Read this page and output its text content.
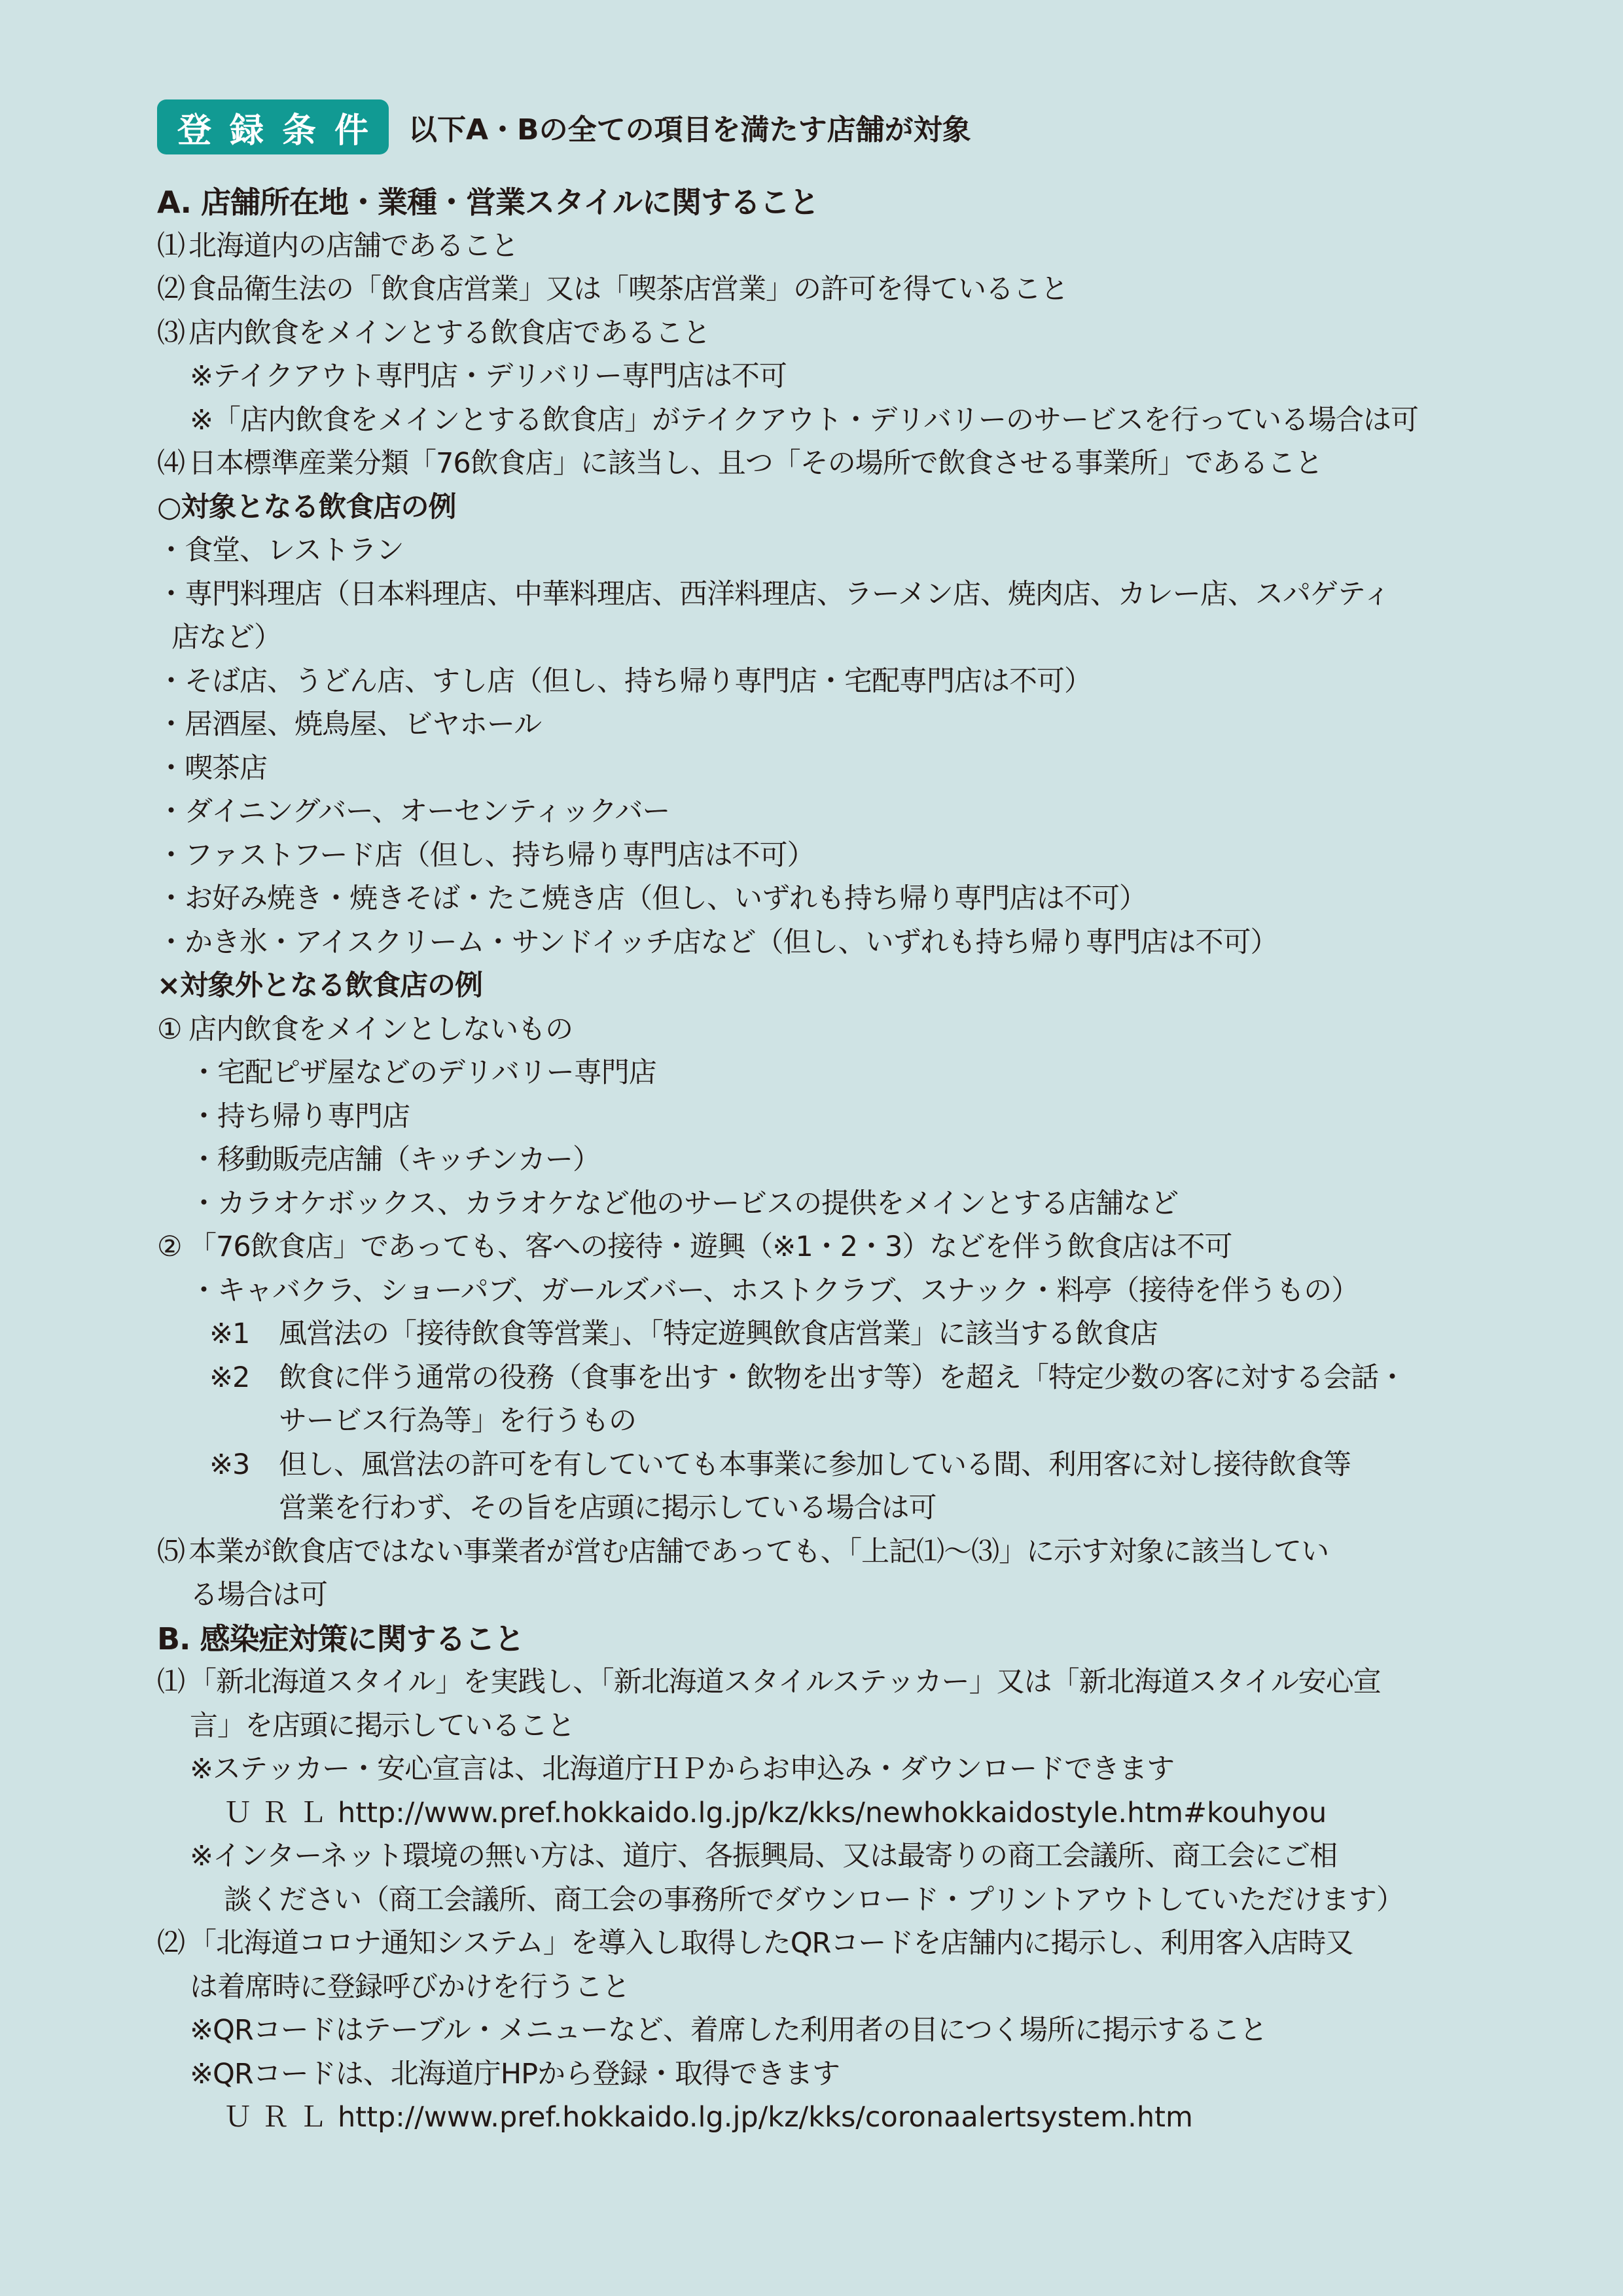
登録条件 以下A・Bの全ての項目を満たす店舗が対象
A. 店舗所在地・業種・営業スタイルに関すること
⑴ 北海道内の店舗であること
⑵ 食品衛生法の「飲食店営業」又は「喫茶店営業」の許可を得ていること
⑶ 店内飲食をメインとする飲食店であること
※テイクアウト専門店・デリバリー専門店は不可
※「店内飲食をメインとする飲食店」がテイクアウト・デリバリーのサービスを行っている場合は可
⑷ 日本標準産業分類「76飲食店」に該当し、且つ「その場所で飲食させる事業所」であること
○対象となる飲食店の例
・食堂、レストラン
・専門料理店（日本料理店、中華料理店、西洋料理店、ラーメン店、焼肉店、カレー店、スパゲティ
店など）
・そば店、うどん店、すし店（但し、持ち帰り専門店・宅配専門店は不可）
・居酒屋、焼鳥屋、ビヤホール
・喫茶店
・ダイニングバー、オーセンティックバー
・ファストフード店（但し、持ち帰り専門店は不可）
・お好み焼き・焼きそば・たこ焼き店（但し、いずれも持ち帰り専門店は不可）
・かき氷・アイスクリーム・サンドイッチ店など（但し、いずれも持ち帰り専門店は不可）
×対象外となる飲食店の例
① 店内飲食をメインとしないもの
・宅配ピザ屋などのデリバリー専門店
・持ち帰り専門店
・移動販売店舗（キッチンカー）
・カラオケボックス、カラオケなど他のサービスの提供をメインとする店舗など
② 「76飲食店」であっても、客への接待・遊興（※1・2・3）などを伴う飲食店は不可
・キャバクラ、ショーパブ、ガールズバー、ホストクラブ、スナック・料亭（接待を伴うもの）
※1 風営法の「接待飲食等営業」、「特定遊興飲食店営業」に該当する飲食店
※2 飲食に伴う通常の役務（食事を出す・飲物を出す等）を超え「特定少数の客に対する会話・
サービス行為等」を行うもの
※3 但し、風営法の許可を有していても本事業に参加している間、利用客に対し接待飲食等
営業を行わず、その旨を店頭に掲示している場合は可
⑸ 本業が飲食店ではない事業者が営む店舗であっても、「上記⑴～⑶」に示す対象に該当してい
る場合は可
B. 感染症対策に関すること
⑴ 「新北海道スタイル」を実践し、「新北海道スタイルステッカー」又は「新北海道スタイル安心宣
言」を店頭に掲示していること
※ステッカー・安心宣言は、北海道庁ＨＰからお申込み・ダウンロードできます
ＵＲＬ http://www.pref.hokkaido.lg.jp/kz/kks/newhokkaidostyle.htm#kouhyou
※インターネット環境の無い方は、道庁、各振興局、又は最寄りの商工会議所、商工会にご相
談ください（商工会議所、商工会の事務所でダウンロード・プリントアウトしていただけます）
⑵ 「北海道コロナ通知システム」を導入し取得したQRコードを店舗内に掲示し、利用客入店時又
は着席時に登録呼びかけを行うこと
※QRコードはテーブル・メニューなど、着席した利用者の目につく場所に掲示すること
※QRコードは、北海道庁HPから登録・取得できます
ＵＲＬ http://www.pref.hokkaido.lg.jp/kz/kks/coronaalertsystem.htm
